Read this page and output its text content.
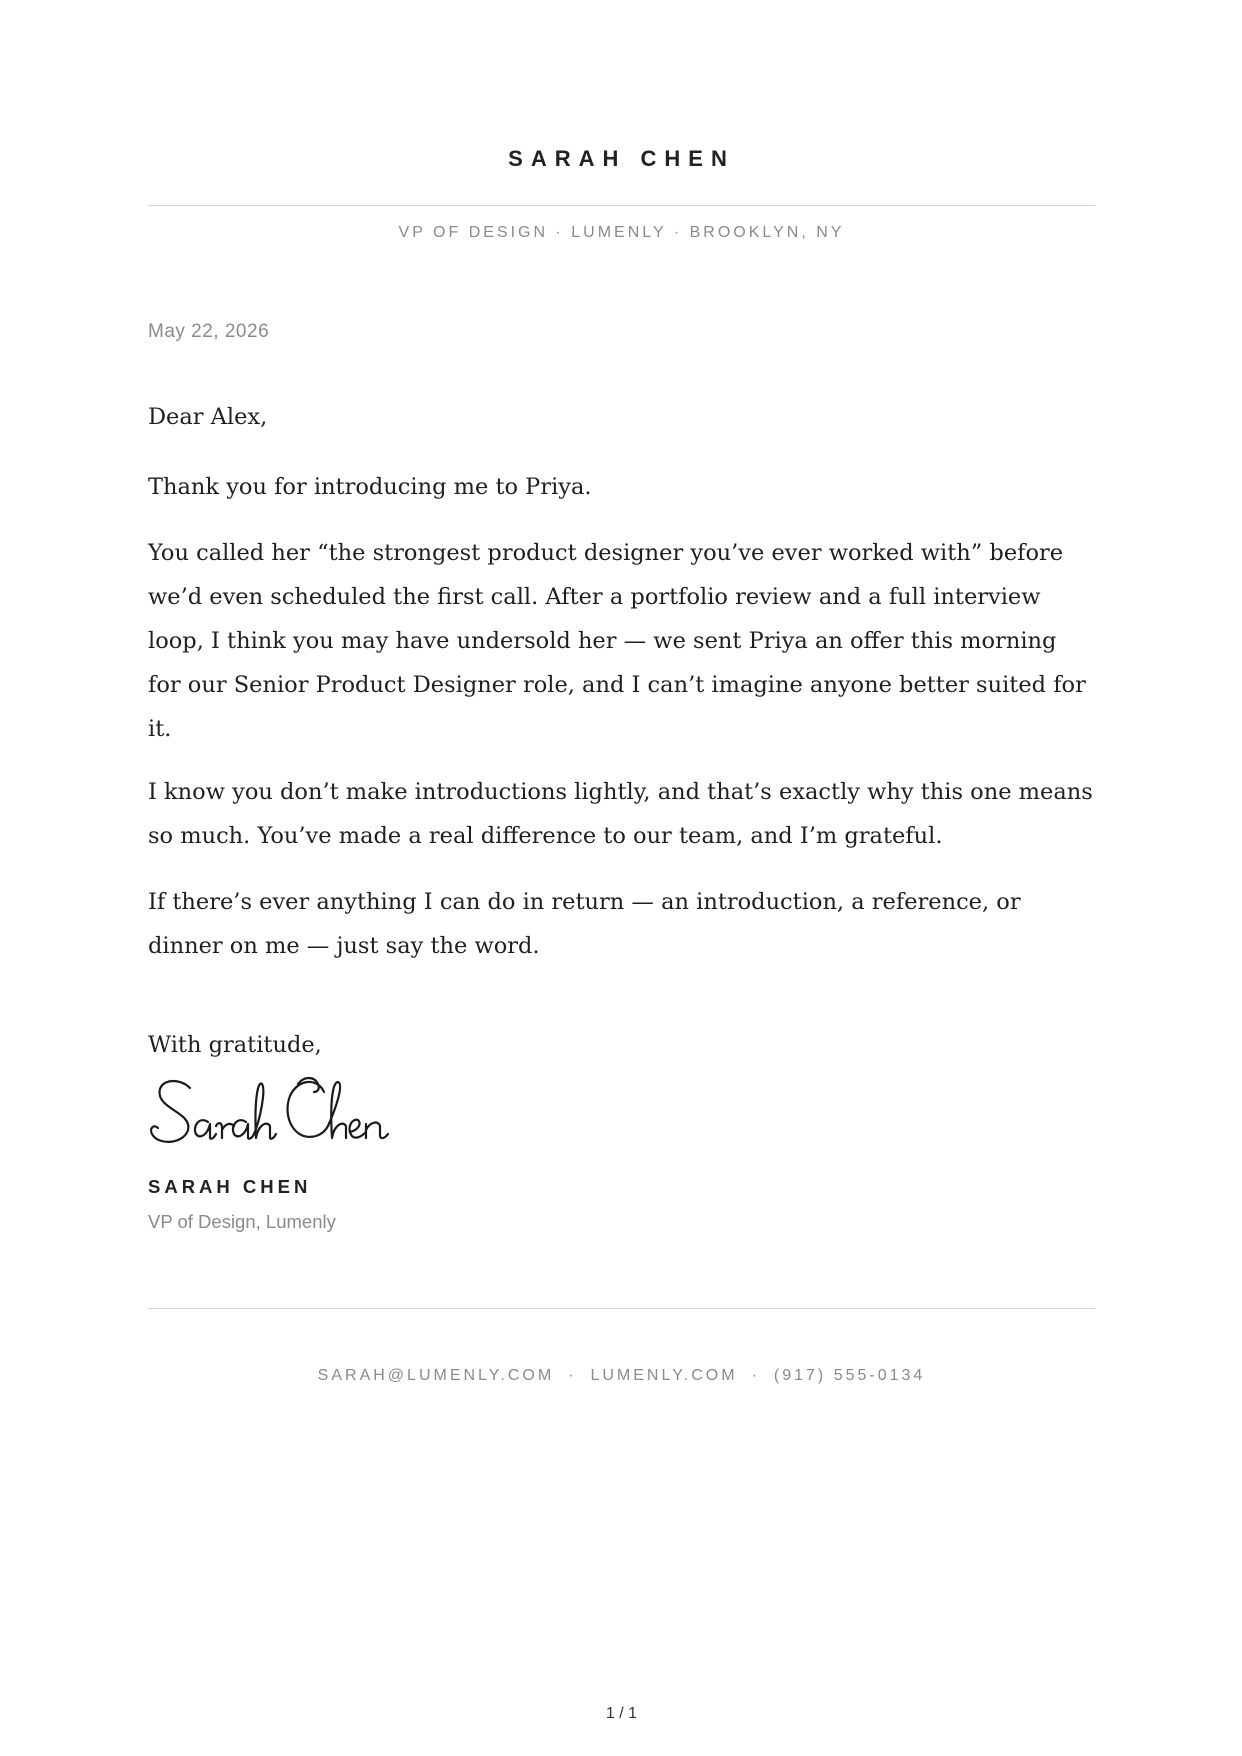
SARAH CHEN
VP OF DESIGN · LUMENLY · BROOKLYN, NY
May 22, 2026

Dear Alex,

Thank you for introducing me to Priya.

You called her “the strongest product designer you’ve ever worked with” before we’d even scheduled the first call. After a portfolio review and a full interview loop, I think you may have undersold her — we sent Priya an offer this morning for our Senior Product Designer role, and I can’t imagine anyone better suited for it.

I know you don’t make introductions lightly, and that’s exactly why this one means so much. You’ve made a real difference to our team, and I’m grateful.

If there’s ever anything I can do in return — an introduction, a reference, or dinner on me — just say the word.

With gratitude,

SARAH CHEN
VP of Design, Lumenly
SARAH@LUMENLY.COM · LUMENLY.COM · (917) 555-0134
1 / 1
